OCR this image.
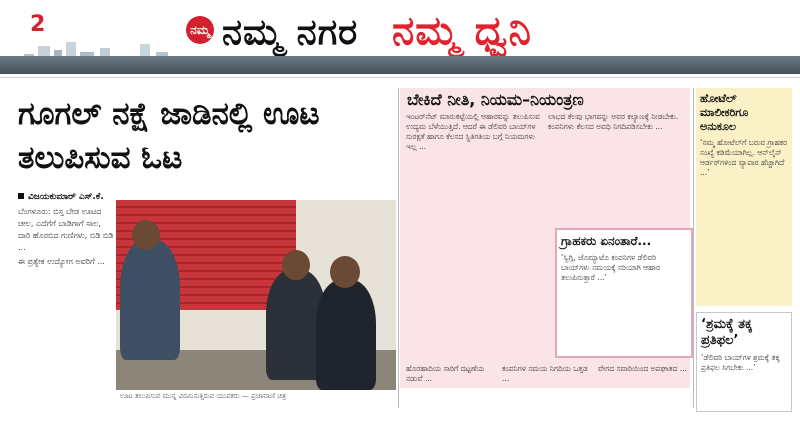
2	ನಮ್ಮ ನಮ್ಮ ನಗರ ನಮ್ಮ ಧ್ವನಿ	ಪ್ರಜಾವಾಣಿ
ಸೋಮವಾರ • ಆಗಸ್ಟ್ 12, 2019
ಗೂಗಲ್ ನಕ್ಷೆ ಜಾಡಿನಲ್ಲಿ ಊಟ ತಲುಪಿಸುವ ಓಟ
ವಿಜಯಕುಮಾರ್ ಎಸ್.ಕೆ.

ಬೆಂಗಳೂರು: ಬಿಸ್ತ ಬೇಡ ಊಟದ ಚೀಲ, ಎದೆಗೆಗೆ ಬಾಡಿಗಾಗೆ ಸಾಲ, ದಾರಿ ಹೊರಬಿದ ಗುಣಿಗಳು, ಬಿಡಿ ಬಿಡಿ ...

ಈ ಪ್ರತ್ಯೇಕ ಉದ್ಯೋಗ ಅವರಿಗೆ ...

ಊಟ ತಲುಪಿಸುವ ಮುನ್ನ ವಿರಮಿಸುತ್ತಿರುವ ಯುವಕರು — ಪ್ರಜಾವಾಣಿ ಚಿತ್ರ
ಬೇಕಿದೆ ನೀತಿ, ನಿಯಮ–ನಿಯಂತ್ರಣ
ಇಂಟರ್‌ನೆಟ್ ಮಾರುಕಟ್ಟೆಯಲ್ಲಿ ಆಹಾರವನ್ನು ತಲುಪಿಸುವ ಉದ್ಯಮ ಬೆಳೆಯುತ್ತಿದೆ. ಆದರೆ ಈ ಡೆಲಿವರಿ ಬಾಯ್‌ಗಳ ಸುರಕ್ಷತೆ ಹಾಗೂ ಕೆಲಸದ ಸ್ಥಿತಿಗತಿಯ ಬಗ್ಗೆ ನಿಯಮಗಳು ಇಲ್ಲ ...
ಲಾಭದ ಕೆಲವು ಭಾಗವನ್ನು ಅವರ ಕಲ್ಯಾಣಕ್ಕೆ ನೀಡಬೇಕು. ಕಂಪನಿಗಳು ಕೆಲಸದ ಅವಧಿ ನಿಗದಿಪಡಿಸಬೇಕು ...
ಹೊರಹಾದಿಯ ಸಾರಿಗೆ ದಟ್ಟಣೆಯ ನಡುವೆ ...
ಕಂಪನಿಗಳ ಸಮಯ ನಿಗದಿಯ ಒತ್ತಡ ...
ವೇಗದ ಸವಾರಿಯಿಂದ ಅಪಘಾತದ ...
ಗ್ರಾಹಕರು ಏನಂತಾರೆ...
‘ಸ್ವಿಗ್ಗಿ, ಜೊಮ್ಯಾಟೊ ಕಂಪನಿಗಳ ಡೆಲಿವರಿ ಬಾಯ್‌ಗಳು ಸಮಯಕ್ಕೆ ಸರಿಯಾಗಿ ಆಹಾರ ತಲುಪಿಸುತ್ತಾರೆ ...’
ಹೋಟೆಲ್ ಮಾಲೀಕರಿಗೂ ಅನುಕೂಲ
‘ನಮ್ಮ ಹೋಟೆಲ್‌ಗೆ ಬರುವ ಗ್ರಾಹಕರ ಸಂಖ್ಯೆ ಕಡಿಮೆಯಾಗಿಲ್ಲ. ಆನ್‌ಲೈನ್ ಆರ್ಡರ್‌ಗಳಿಂದ ವ್ಯಾಪಾರ ಹೆಚ್ಚಾಗಿದೆ ...’
‘ಶ್ರಮಕ್ಕೆ ತಕ್ಕ ಪ್ರತಿಫಲ’
‘ಡೆಲಿವರಿ ಬಾಯ್‌ಗಳ ಶ್ರಮಕ್ಕೆ ತಕ್ಕ ಪ್ರತಿಫಲ ಸಿಗಬೇಕು ...’
